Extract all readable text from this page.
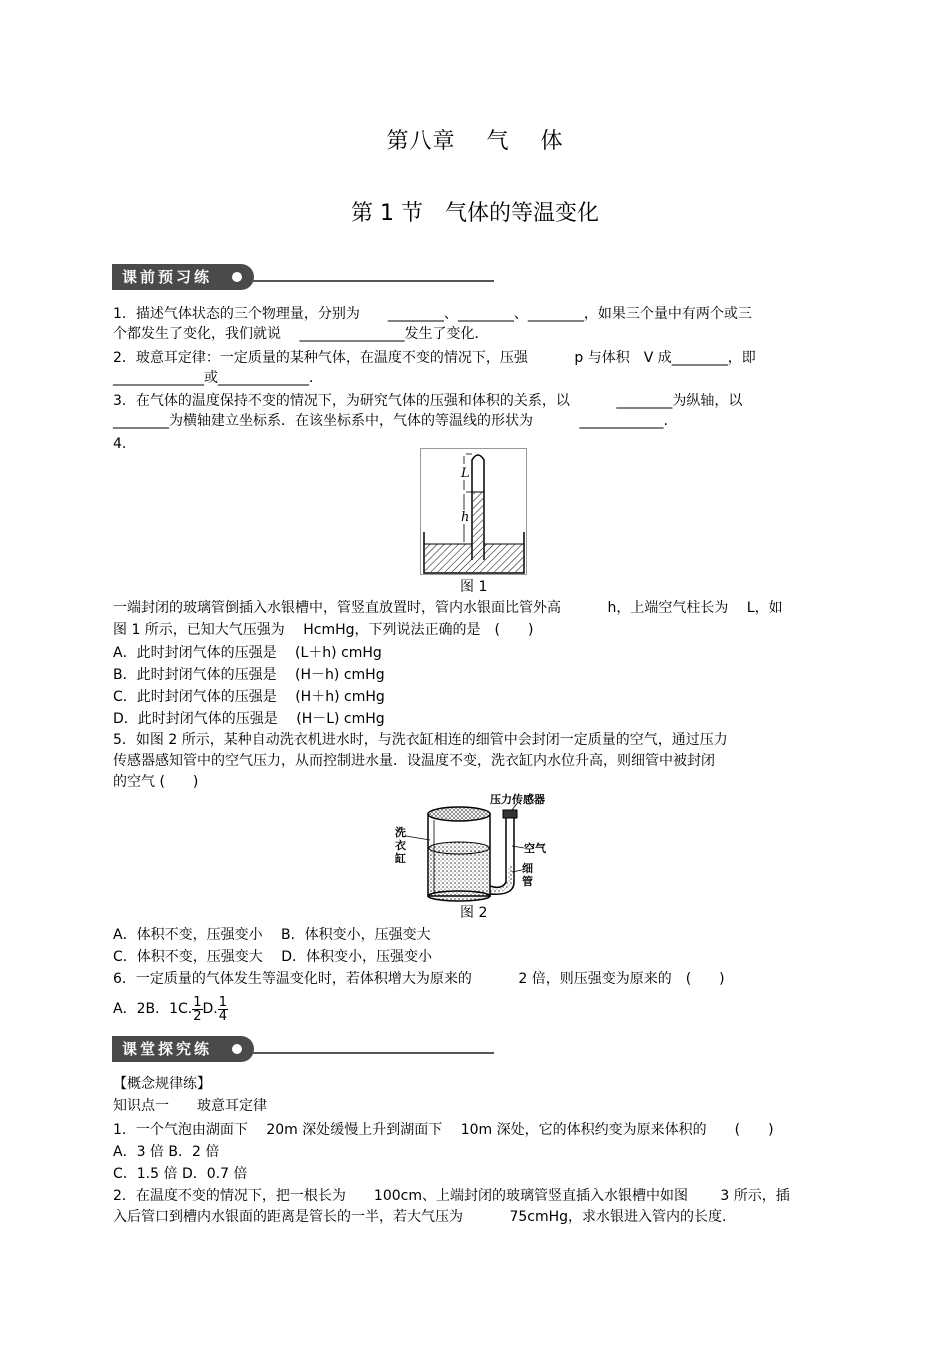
第八章　 气　 体
第 1 节　气体的等温变化
课前预习练
1．描述气体状态的三个物理量，分别为　　________、________、________，如果三个量中有两个或三
个都发生了变化，我们就说　 _______________发生了变化．
2．玻意耳定律：一定质量的某种气体，在温度不变的情况下，压强　　　 p 与体积　V 成________，即
_____________或_____________．
3．在气体的温度保持不变的情况下，为研究气体的压强和体积的关系，以　　　 ________为纵轴，以
________为横轴建立坐标系．在该坐标系中，气体的等温线的形状为　　　 ____________.
4.
L
h
图 1
一端封闭的玻璃管倒插入水银槽中，管竖直放置时，管内水银面比管外高　　　 h，上端空气柱长为　 L，如
图 1 所示，已知大气压强为　 HcmHg，下列说法正确的是　(　　)
A．此时封闭气体的压强是　 (L＋h) cmHg
B．此时封闭气体的压强是　 (H－h) cmHg
C．此时封闭气体的压强是　 (H＋h) cmHg
D．此时封闭气体的压强是　 (H－L) cmHg
5．如图 2 所示，某种自动洗衣机进水时，与洗衣缸相连的细管中会封闭一定质量的空气，通过压力
传感器感知管中的空气压力，从而控制进水量．设温度不变，洗衣缸内水位升高，则细管中被封闭
的空气 (　　)
压力传感器
洗
衣
缸
空气
细
管
图 2
A．体积不变，压强变小　 B．体积变小，压强变大
C．体积不变，压强变大　 D．体积变小，压强变小
6．一定质量的气体发生等温变化时，若体积增大为原来的　　　 2 倍，则压强变为原来的　(　　)
A．2B．1C. $\frac{1}{2} D$. $\frac{1}{4}$
课堂探究练
【概念规律练】
知识点一　　玻意耳定律
1．一个气泡由湖面下　 20m 深处缓慢上升到湖面下　 10m 深处，它的体积约变为原来体积的　　(　　)
A．3 倍 B．2 倍
C．1.5 倍 D．0.7 倍
2．在温度不变的情况下，把一根长为　　100cm、上端封闭的玻璃管竖直插入水银槽中如图　　 3 所示，插
入后管口到槽内水银面的距离是管长的一半，若大气压为　　　 75cmHg，求水银进入管内的长度.
